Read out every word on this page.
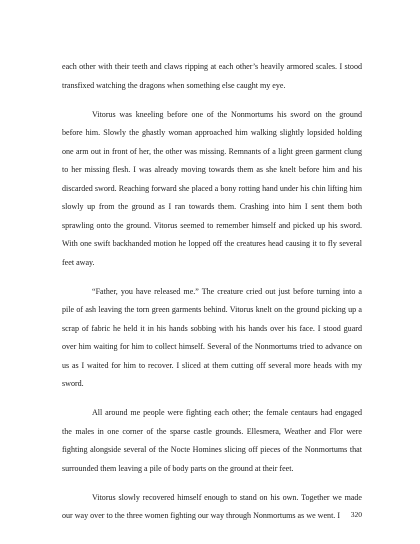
each other with their teeth and claws ripping at each other’s heavily armored scales. I stood transfixed watching the dragons when something else caught my eye.

Vitorus was kneeling before one of the Nonmortums his sword on the ground before him. Slowly the ghastly woman approached him walking slightly lopsided holding one arm out in front of her, the other was missing. Remnants of a light green garment clung to her missing flesh. I was already moving towards them as she knelt before him and his discarded sword. Reaching forward she placed a bony rotting hand under his chin lifting him slowly up from the ground as I ran towards them. Crashing into him I sent them both sprawling onto the ground. Vitorus seemed to remember himself and picked up his sword. With one swift backhanded motion he lopped off the creatures head causing it to fly several feet away.

“Father, you have released me.” The creature cried out just before turning into a pile of ash leaving the torn green garments behind. Vitorus knelt on the ground picking up a scrap of fabric he held it in his hands sobbing with his hands over his face. I stood guard over him waiting for him to collect himself. Several of the Nonmortums tried to advance on us as I waited for him to recover. I sliced at them cutting off several more heads with my sword.

All around me people were fighting each other; the female centaurs had engaged the males in one corner of the sparse castle grounds. Ellesmera, Weather and Flor were fighting alongside several of the Nocte Homines slicing off pieces of the Nonmortums that surrounded them leaving a pile of body parts on the ground at their feet.

Vitorus slowly recovered himself enough to stand on his own. Together we made our way over to the three women fighting our way through Nonmortums as we went. I	320
